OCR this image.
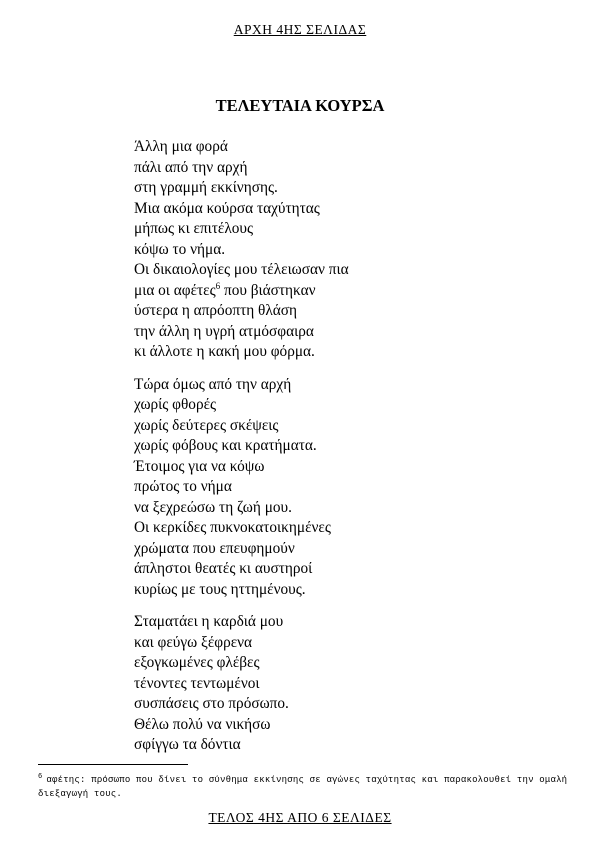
ΑΡΧΗ 4ΗΣ ΣΕΛΙΔΑΣ
ΤΕΛΕΥΤΑΙΑ ΚΟΥΡΣΑ
Άλλη μια φορά
πάλι από την αρχή
στη γραμμή εκκίνησης.
Μια ακόμα κούρσα ταχύτητας
μήπως κι επιτέλους
κόψω το νήμα.
Οι δικαιολογίες μου τέλειωσαν πια
μια οι αφέτες$^6$ που βιάστηκαν
ύστερα η απρόοπτη θλάση
την άλλη η υγρή ατμόσφαιρα
κι άλλοτε η κακή μου φόρμα.
Τώρα όμως από την αρχή
χωρίς φθορές
χωρίς δεύτερες σκέψεις
χωρίς φόβους και κρατήματα.
Έτοιμος για να κόψω
πρώτος το νήμα
να ξεχρεώσω τη ζωή μου.
Οι κερκίδες πυκνοκατοικημένες
χρώματα που επευφημούν
άπληστοι θεατές κι αυστηροί
κυρίως με τους ηττημένους.
Σταματάει η καρδιά μου
και φεύγω ξέφρενα
εξογκωμένες φλέβες
τένοντες τεντωμένοι
συσπάσεις στο πρόσωπο.
Θέλω πολύ να νικήσω
σφίγγω τα δόντια
$^6$ αφέτης: πρόσωπο που δίνει το σύνθημα εκκίνησης σε αγώνες ταχύτητας και παρακολουθεί την ομαλή διεξαγωγή τους.
ΤΕΛΟΣ 4ΗΣ ΑΠΟ 6 ΣΕΛΙΔΕΣ
